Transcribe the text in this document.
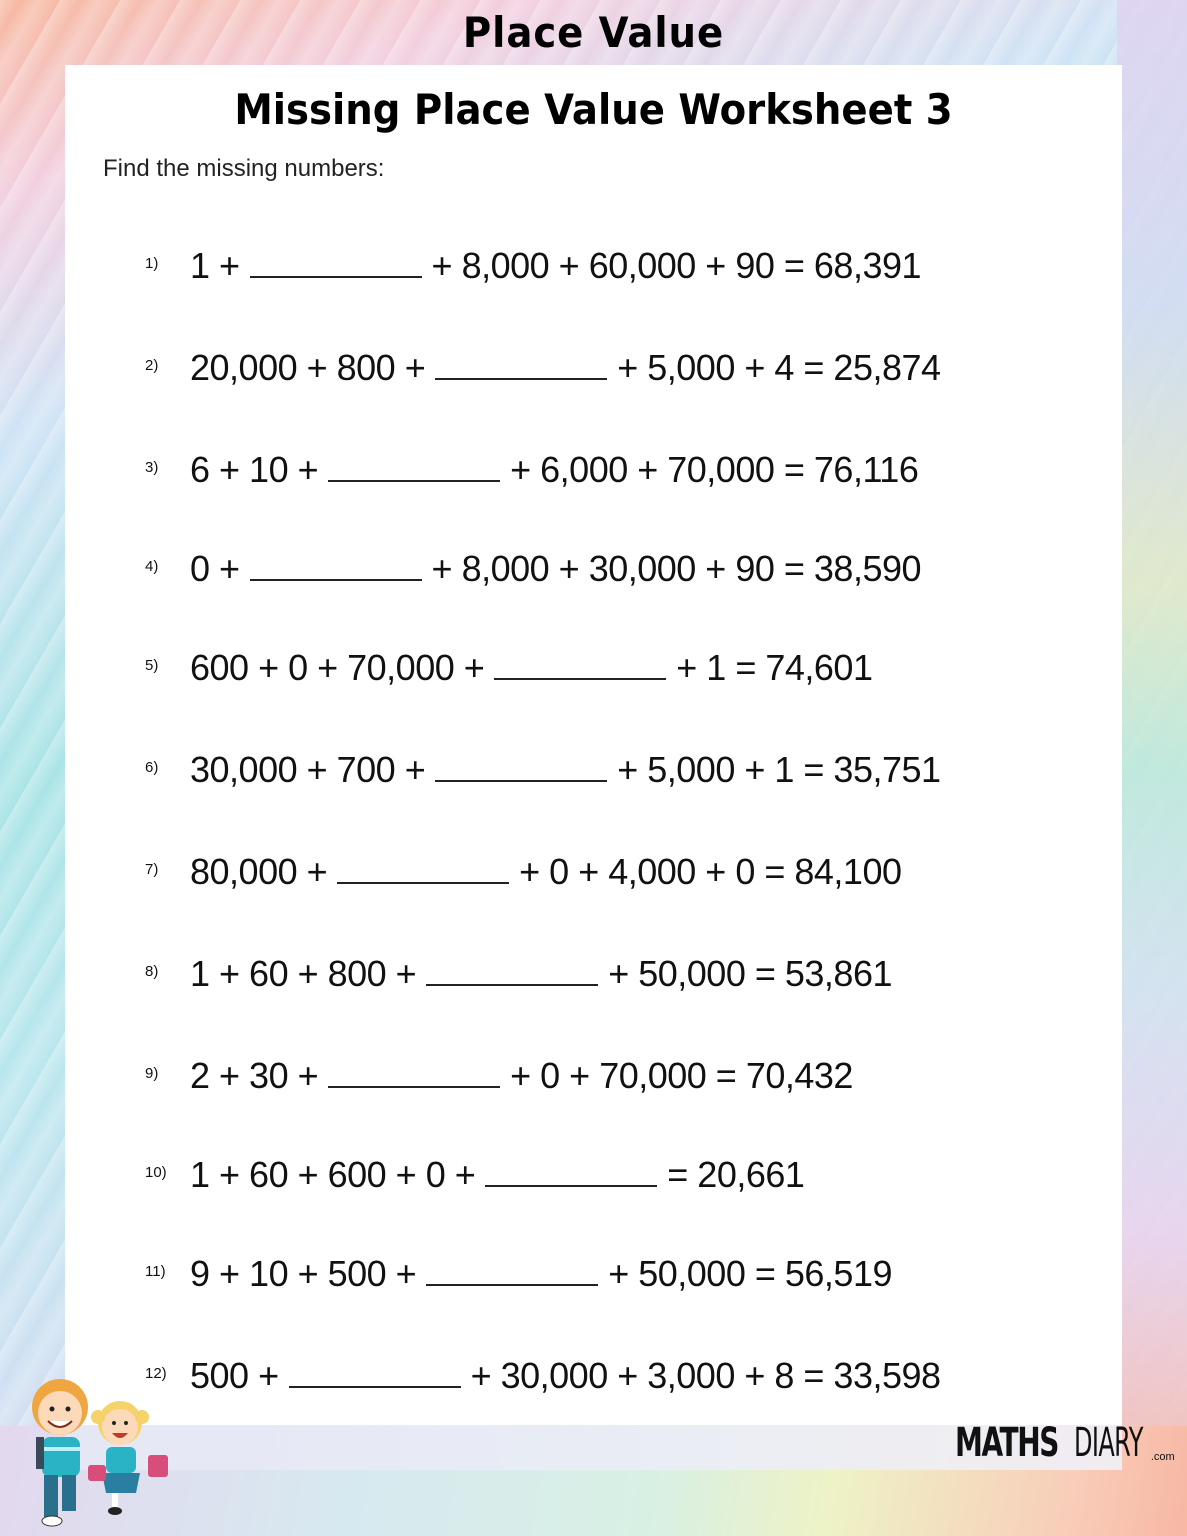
Place Value
Missing Place Value Worksheet 3
Find the missing numbers:
1) 1 +	+ 8,000 + 60,000 + 90 = 68,391
2) 20,000 + 800 +	+ 5,000 + 4 = 25,874
3) 6 + 10 +	+ 6,000 + 70,000 = 76,116
4) 0 +	+ 8,000 + 30,000 + 90 = 38,590
5) 600 + 0 + 70,000 +	+ 1 = 74,601
6) 30,000 + 700 +	+ 5,000 + 1 = 35,751
7) 80,000 +	+ 0 + 4,000 + 0 = 84,100
8) 1 + 60 + 800 +	+ 50,000 = 53,861
9) 2 + 30 +	+ 0 + 70,000 = 70,432
10) 1 + 60 + 600 + 0 +	= 20,661
11) 9 + 10 + 500 +	+ 50,000 = 56,519
12) 500 +	+ 30,000 + 3,000 + 8 = 33,598
MATHS DIARY .com
